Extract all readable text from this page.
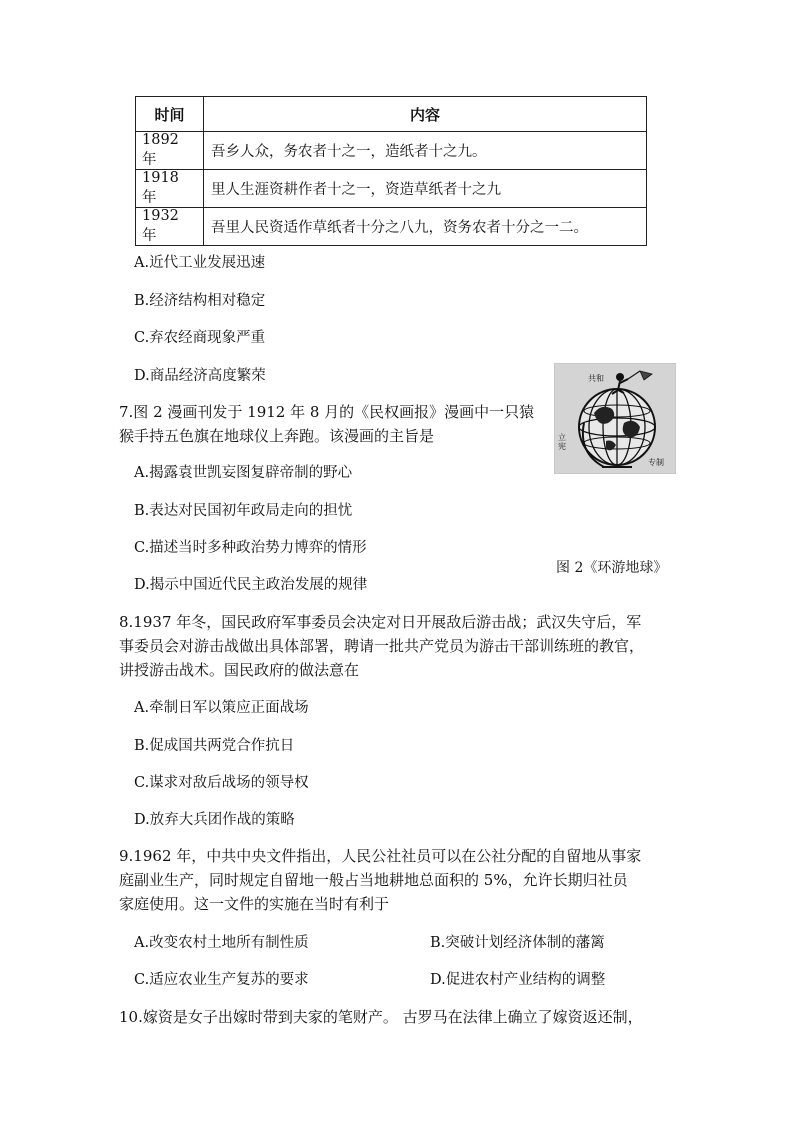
时间	内容
1892 年	吾乡人众，务农者十之一，造纸者十之九。
1918 年	里人生涯资耕作者十之一，资造草纸者十之九
1932 年	吾里人民资适作草纸者十分之八九，资务农者十分之一二。
A.近代工业发展迅速
B.经济结构相对稳定
C.弃农经商现象严重
D.商品经济高度繁荣
7.图 2 漫画刊发于 1912 年 8 月的《民权画报》漫画中一只猿
猴手持五色旗在地球仪上奔跑。该漫画的主旨是
A.揭露袁世凯妄图复辟帝制的野心
B.表达对民国初年政局走向的担忧
C.描述当时多种政治势力博弈的情形
D.揭示中国近代民主政治发展的规律
共和
立宪
专制
图 2《环游地球》
8.1937 年冬，国民政府军事委员会决定对日开展敌后游击战；武汉失守后，军
事委员会对游击战做出具体部署，聘请一批共产党员为游击干部训练班的教官，
讲授游击战术。国民政府的做法意在
A.牵制日军以策应正面战场
B.促成国共两党合作抗日
C.谋求对敌后战场的领导权
D.放弃大兵团作战的策略
9.1962 年，中共中央文件指出，人民公社社员可以在公社分配的自留地从事家
庭副业生产，同时规定自留地一般占当地耕地总面积的 5%，允许长期归社员
家庭使用。这一文件的实施在当时有利于
A.改变农村土地所有制性质	B.突破计划经济体制的藩篱
C.适应农业生产复苏的要求	D.促进农村产业结构的调整
10.嫁资是女子出嫁时带到夫家的笔财产。 古罗马在法律上确立了嫁资返还制，
